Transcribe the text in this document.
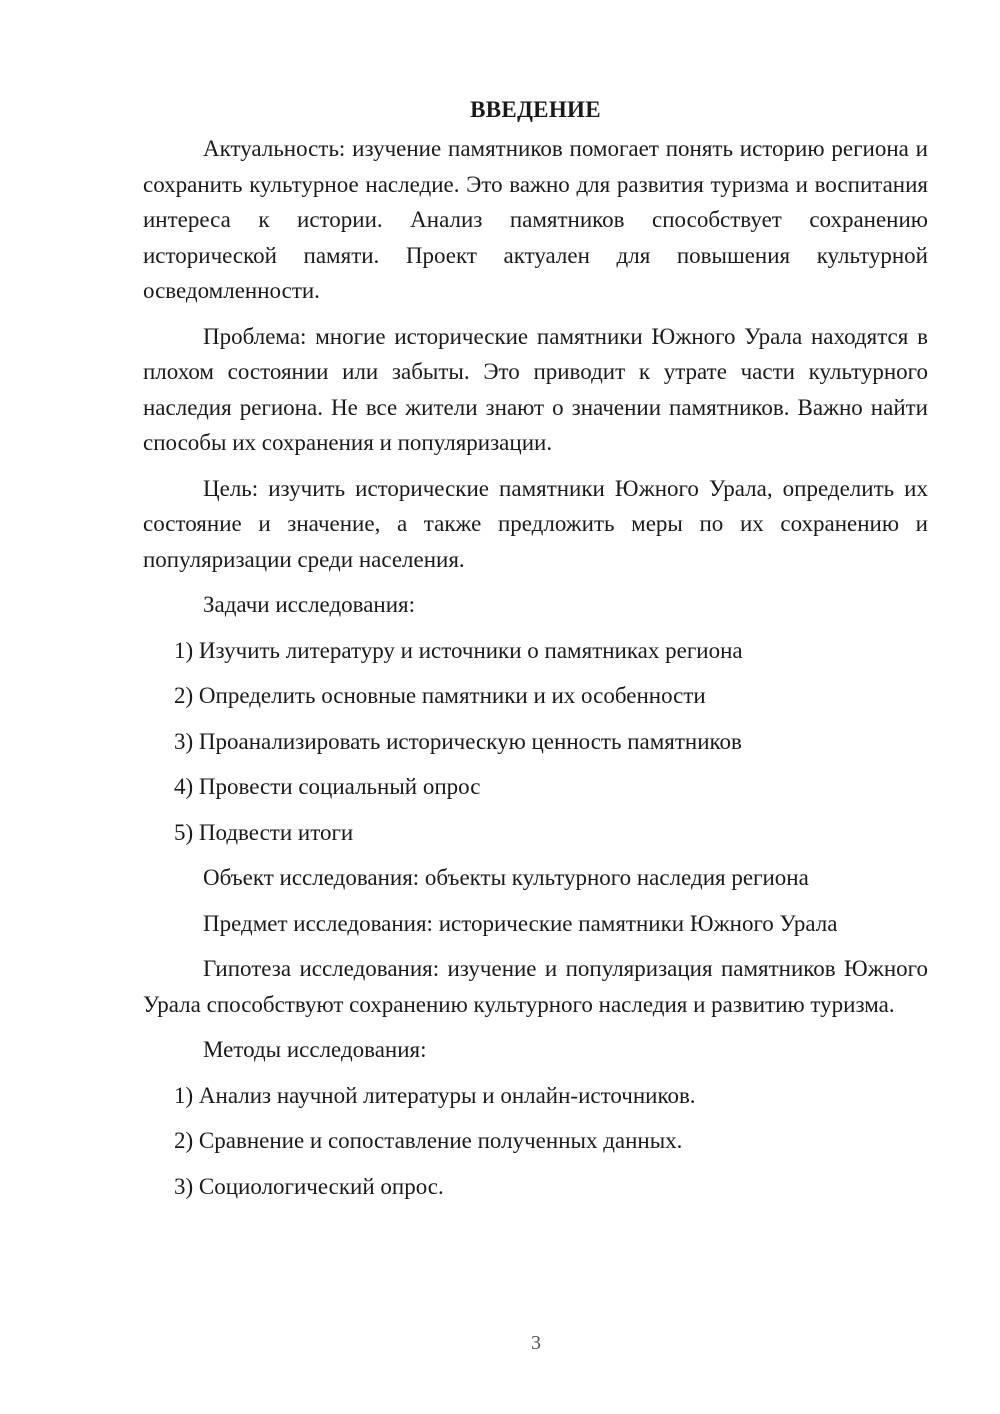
ВВЕДЕНИЕ

Актуальность: изучение памятников помогает понять историю региона и сохранить культурное наследие. Это важно для развития туризма и воспитания интереса к истории. Анализ памятников способствует сохранению исторической памяти. Проект актуален для повышения культурной осведомленности.

Проблема: многие исторические памятники Южного Урала находятся в плохом состоянии или забыты. Это приводит к утрате части культурного наследия региона. Не все жители знают о значении памятников. Важно найти способы их сохранения и популяризации.

Цель: изучить исторические памятники Южного Урала, определить их состояние и значение, а также предложить меры по их сохранению и популяризации среди населения.

Задачи исследования:

1) Изучить литературу и источники о памятниках региона

2) Определить основные памятники и их особенности

3) Проанализировать историческую ценность памятников

4) Провести социальный опрос

5) Подвести итоги

Объект исследования: объекты культурного наследия региона

Предмет исследования: исторические памятники Южного Урала

Гипотеза исследования: изучение и популяризация памятников Южного Урала способствуют сохранению культурного наследия и развитию туризма.

Методы исследования:

1) Анализ научной литературы и онлайн-источников.

2) Сравнение и сопоставление полученных данных.

3) Социологический опрос.

3
